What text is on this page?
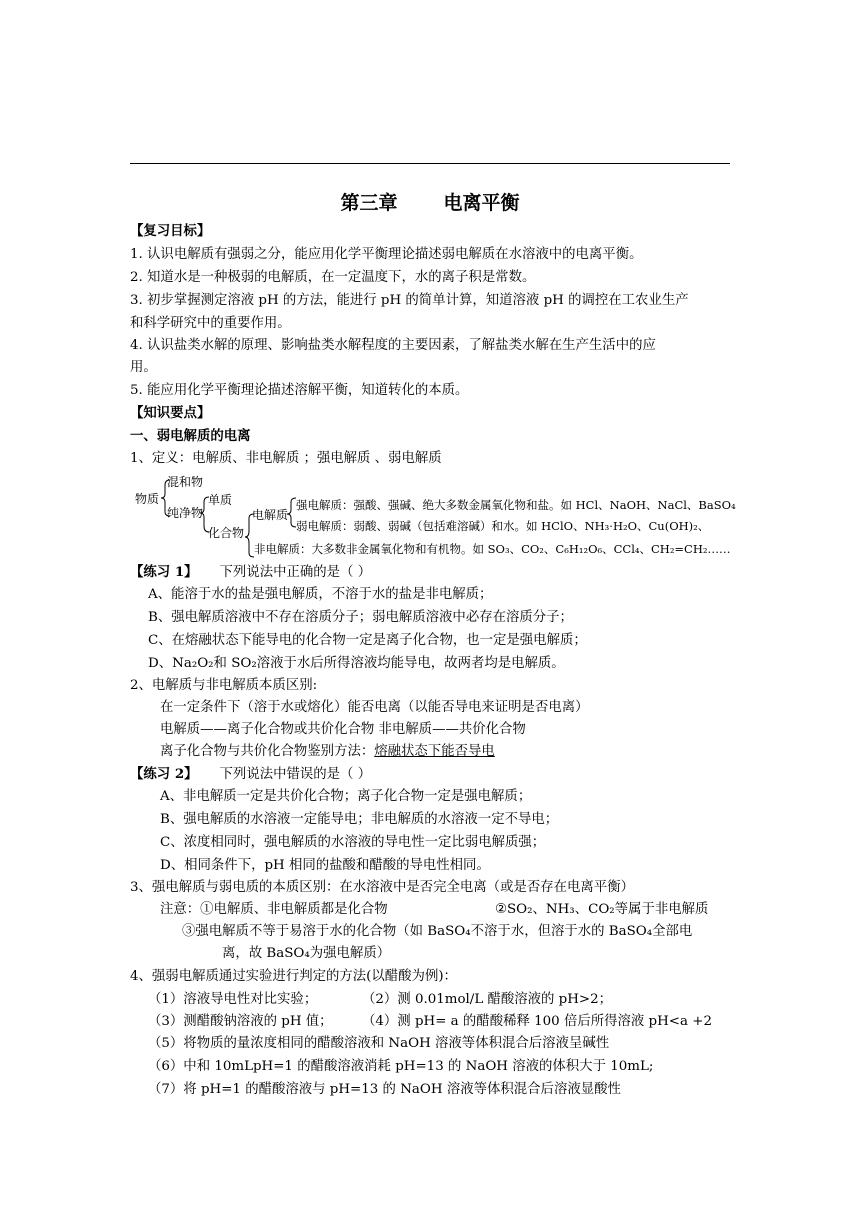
第三章 电离平衡
【复习目标】
1. 认识电解质有强弱之分，能应用化学平衡理论描述弱电解质在水溶液中的电离平衡。
2. 知道水是一种极弱的电解质，在一定温度下，水的离子积是常数。
3. 初步掌握测定溶液 pH 的方法，能进行 pH 的简单计算，知道溶液 pH 的调控在工农业生产
和科学研究中的重要作用。
4. 认识盐类水解的原理、影响盐类水解程度的主要因素，了解盐类水解在生产生活中的应
用。
5. 能应用化学平衡理论描述溶解平衡，知道转化的本质。
【知识要点】
一、弱电解质的电离
1、定义：电解质、非电解质 ；强电解质 、弱电解质
物质
混和物
纯净物
单质
化合物
电解质
强电解质：强酸、强碱、绝大多数金属氧化物和盐。如 HCl、NaOH、NaCl、BaSO₄
弱电解质：弱酸、弱碱（包括难溶碱）和水。如 HClO、NH₃·H₂O、Cu(OH)₂、
非电解质：大多数非金属氧化物和有机物。如 SO₃、CO₂、C₆H₁₂O₆、CCl₄、CH₂=CH₂……
【练习 1】 下列说法中正确的是（ ）
A、能溶于水的盐是强电解质，不溶于水的盐是非电解质；
B、强电解质溶液中不存在溶质分子；弱电解质溶液中必存在溶质分子；
C、在熔融状态下能导电的化合物一定是离子化合物，也一定是强电解质；
D、Na₂O₂和 SO₂溶液于水后所得溶液均能导电，故两者均是电解质。
2、电解质与非电解质本质区别:
在一定条件下（溶于水或熔化）能否电离（以能否导电来证明是否电离）
电解质——离子化合物或共价化合物 非电解质——共价化合物
离子化合物与共价化合物鉴别方法：熔融状态下能否导电
【练习 2】 下列说法中错误的是（ ）
A、非电解质一定是共价化合物；离子化合物一定是强电解质；
B、强电解质的水溶液一定能导电；非电解质的水溶液一定不导电；
C、浓度相同时，强电解质的水溶液的导电性一定比弱电解质强；
D、相同条件下，pH 相同的盐酸和醋酸的导电性相同。
3、强电解质与弱电质的本质区别：在水溶液中是否完全电离（或是否存在电离平衡）
注意：①电解质、非电解质都是化合物	②SO₂、NH₃、CO₂等属于非电解质
③强电解质不等于易溶于水的化合物（如 BaSO₄不溶于水，但溶于水的 BaSO₄全部电
离，故 BaSO₄为强电解质）
4、强弱电解质通过实验进行判定的方法(以醋酸为例)：
（1）溶液导电性对比实验；	（2）测 0.01mol/L 醋酸溶液的 pH>2；
（3）测醋酸钠溶液的 pH 值； （4）测 pH= a 的醋酸稀释 100 倍后所得溶液 pH<a +2
（5）将物质的量浓度相同的醋酸溶液和 NaOH 溶液等体积混合后溶液呈碱性
（6）中和 10mLpH=1 的醋酸溶液消耗 pH=13 的 NaOH 溶液的体积大于 10mL;
（7）将 pH=1 的醋酸溶液与 pH=13 的 NaOH 溶液等体积混合后溶液显酸性
